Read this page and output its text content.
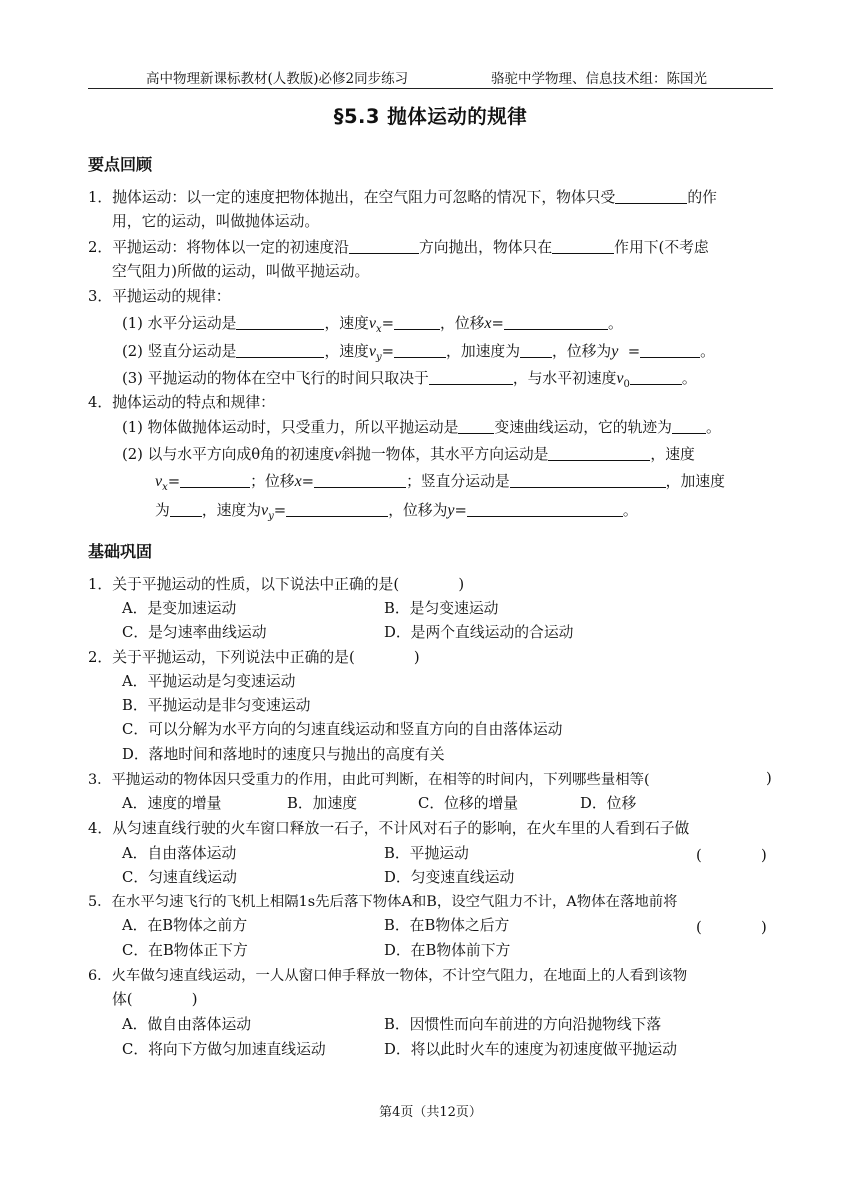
高中物理新课标教材(人教版)必修2同步练习	骆驼中学物理、信息技术组：陈国光
§5.3 抛体运动的规律
要点回顾
1．抛体运动：以一定的速度把物体抛出，在空气阻力可忽略的情况下，物体只受	的作
用，它的运动，叫做抛体运动。
2．平抛运动：将物体以一定的初速度沿	方向抛出，物体只在	作用下(不考虑
空气阻力)所做的运动，叫做平抛运动。
3．平抛运动的规律：
(1) 水平分运动是	，速度$v_x=$	，位移x=	。
(2) 竖直分运动是	，速度$v_y=$	，加速度为 ，位移为y  =	。
(3) 平抛运动的物体在空中飞行的时间只取决于	，与水平初速度$v_0$	。
4．抛体运动的特点和规律：
(1) 物体做抛体运动时，只受重力，所以平抛运动是 变速曲线运动，它的轨迹为 。
(2) 以与水平方向成θ角的初速度v斜抛一物体，其水平方向运动是	，速度
$v_x=$	；位移x=	；竖直分运动是	，加速度
为 ，速度为$v_y=$	，位移为y=	。
基础巩固
1．关于平抛运动的性质，以下说法中正确的是(　　　　)
A．是变加速运动	B．是匀变速运动
C．是匀速率曲线运动	D．是两个直线运动的合运动
2．关于平抛运动，下列说法中正确的是(　　　　)
A．平抛运动是匀变速运动
B．平抛运动是非匀变速运动
C．可以分解为水平方向的匀速直线运动和竖直方向的自由落体运动
D．落地时间和落地时的速度只与抛出的高度有关
3．平抛运动的物体因只受重力的作用，由此可判断，在相等的时间内，下列哪些量相等(	)
A．速度的增量	B．加速度	C．位移的增量	D．位移
4．从匀速直线行驶的火车窗口释放一石子，不计风对石子的影响，在火车里的人看到石子做
A．自由落体运动	B．平抛运动	(　　　　)
C．匀速直线运动	D．匀变速直线运动
5．在水平匀速飞行的飞机上相隔1s先后落下物体A和B，设空气阻力不计，A物体在落地前将
A．在B物体之前方	B．在B物体之后方	(　　　　)
C．在B物体正下方	D．在B物体前下方
6．火车做匀速直线运动，一人从窗口伸手释放一物体，不计空气阻力，在地面上的人看到该物
体(　　　　)
A．做自由落体运动	B．因惯性而向车前进的方向沿抛物线下落
C．将向下方做匀加速直线运动	D．将以此时火车的速度为初速度做平抛运动
第4页（共12页）
